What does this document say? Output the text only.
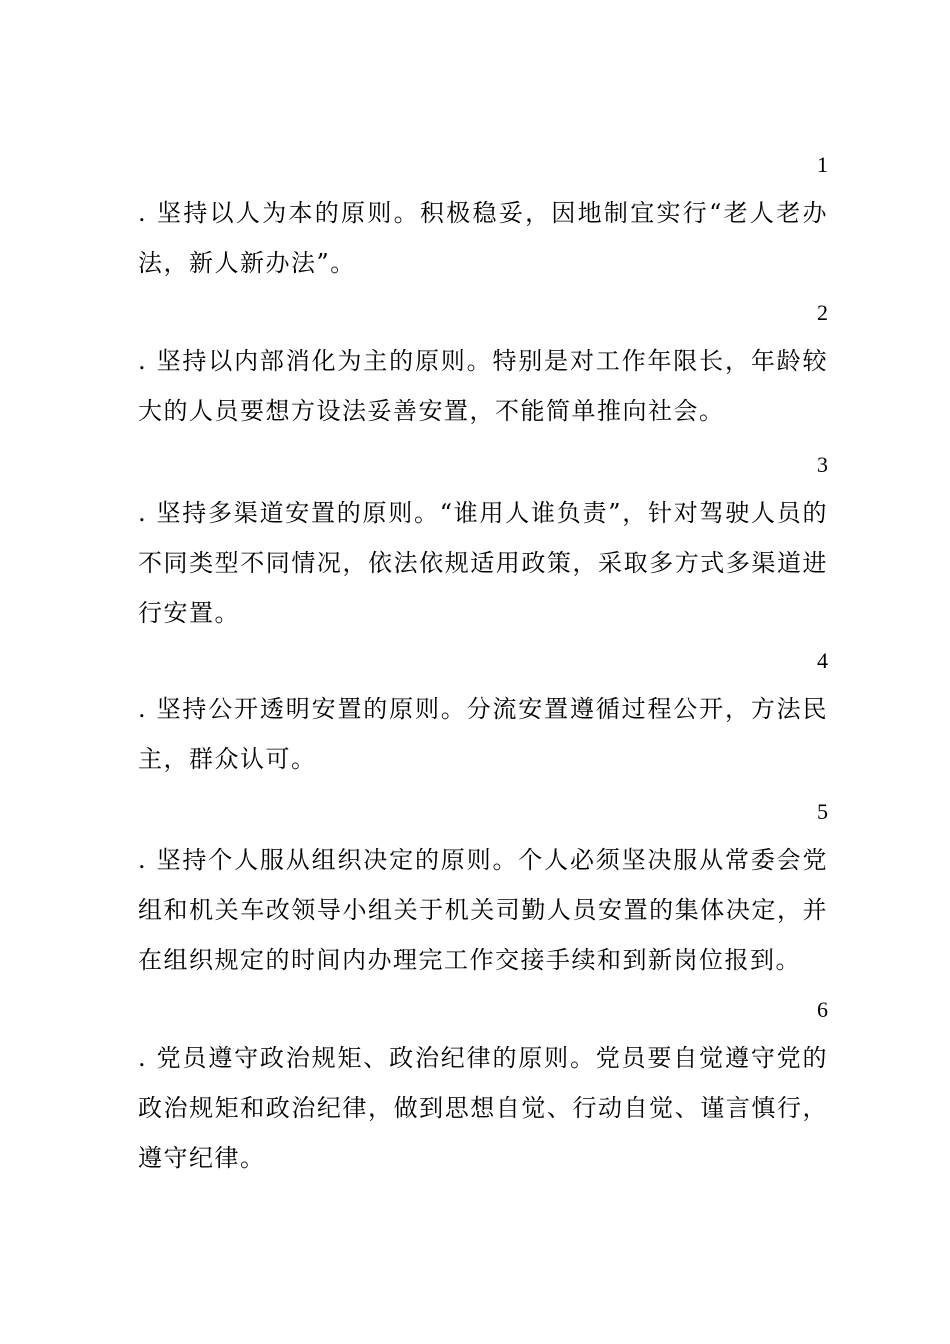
1
. 坚持以人为本的原则。积极稳妥，因地制宜实行“老人老办法，新人新办法”。
2
. 坚持以内部消化为主的原则。特别是对工作年限长，年龄较大的人员要想方设法妥善安置，不能简单推向社会。
3
. 坚持多渠道安置的原则。“谁用人谁负责”，针对驾驶人员的不同类型不同情况，依法依规适用政策，采取多方式多渠道进行安置。
4
. 坚持公开透明安置的原则。分流安置遵循过程公开，方法民主，群众认可。
5
. 坚持个人服从组织决定的原则。个人必须坚决服从常委会党组和机关车改领导小组关于机关司勤人员安置的集体决定，并在组织规定的时间内办理完工作交接手续和到新岗位报到。
6
. 党员遵守政治规矩、政治纪律的原则。党员要自觉遵守党的政治规矩和政治纪律，做到思想自觉、行动自觉、谨言慎行，遵守纪律。
